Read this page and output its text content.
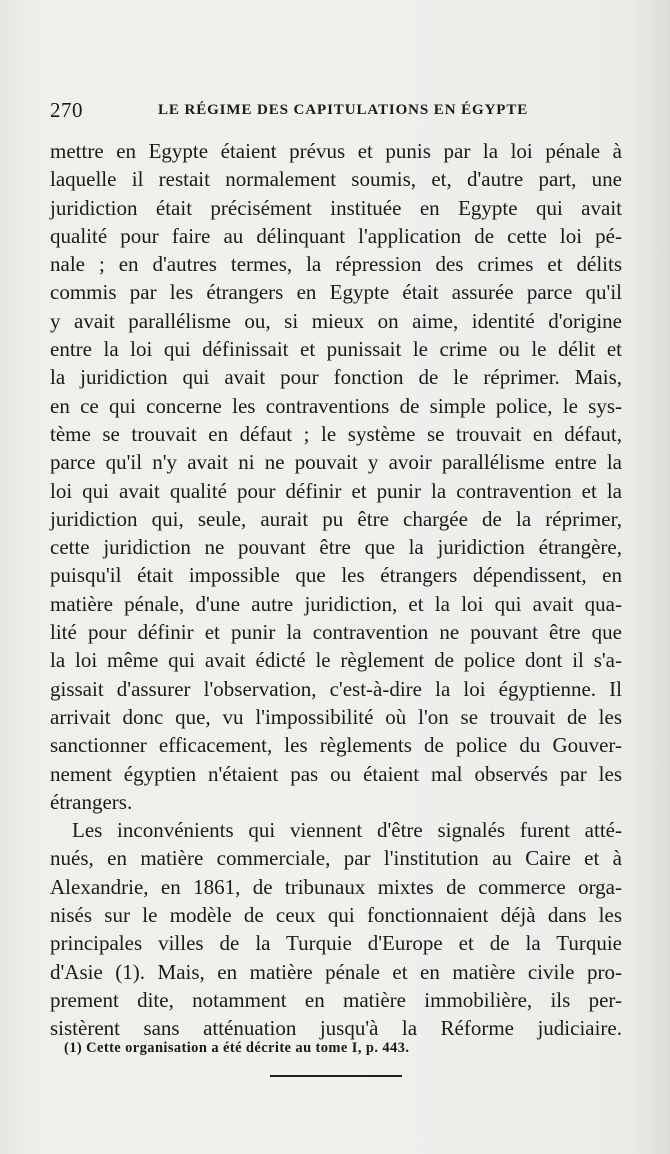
270	LE RÉGIME DES CAPITULATIONS EN ÉGYPTE
mettre en Egypte étaient prévus et punis par la loi pénale à
laquelle il restait normalement soumis, et, d'autre part, une
juridiction était précisément instituée en Egypte qui avait
qualité pour faire au délinquant l'application de cette loi pé-
nale ; en d'autres termes, la répression des crimes et délits
commis par les étrangers en Egypte était assurée parce qu'il
y avait parallélisme ou, si mieux on aime, identité d'origine
entre la loi qui définissait et punissait le crime ou le délit et
la juridiction qui avait pour fonction de le réprimer. Mais,
en ce qui concerne les contraventions de simple police, le sys-
tème se trouvait en défaut ; le système se trouvait en défaut,
parce qu'il n'y avait ni ne pouvait y avoir parallélisme entre la
loi qui avait qualité pour définir et punir la contravention et la
juridiction qui, seule, aurait pu être chargée de la réprimer,
cette juridiction ne pouvant être que la juridiction étrangère,
puisqu'il était impossible que les étrangers dépendissent, en
matière pénale, d'une autre juridiction, et la loi qui avait qua-
lité pour définir et punir la contravention ne pouvant être que
la loi même qui avait édicté le règlement de police dont il s'a-
gissait d'assurer l'observation, c'est-à-dire la loi égyptienne. Il
arrivait donc que, vu l'impossibilité où l'on se trouvait de les
sanctionner efficacement, les règlements de police du Gouver-
nement égyptien n'étaient pas ou étaient mal observés par les
étrangers.
Les inconvénients qui viennent d'être signalés furent atté-
nués, en matière commerciale, par l'institution au Caire et à
Alexandrie, en 1861, de tribunaux mixtes de commerce orga-
nisés sur le modèle de ceux qui fonctionnaient déjà dans les
principales villes de la Turquie d'Europe et de la Turquie
d'Asie (1). Mais, en matière pénale et en matière civile pro-
prement dite, notamment en matière immobilière, ils per-
sistèrent sans atténuation jusqu'à la Réforme judiciaire.
(1) Cette organisation a été décrite au tome I, p. 443.
